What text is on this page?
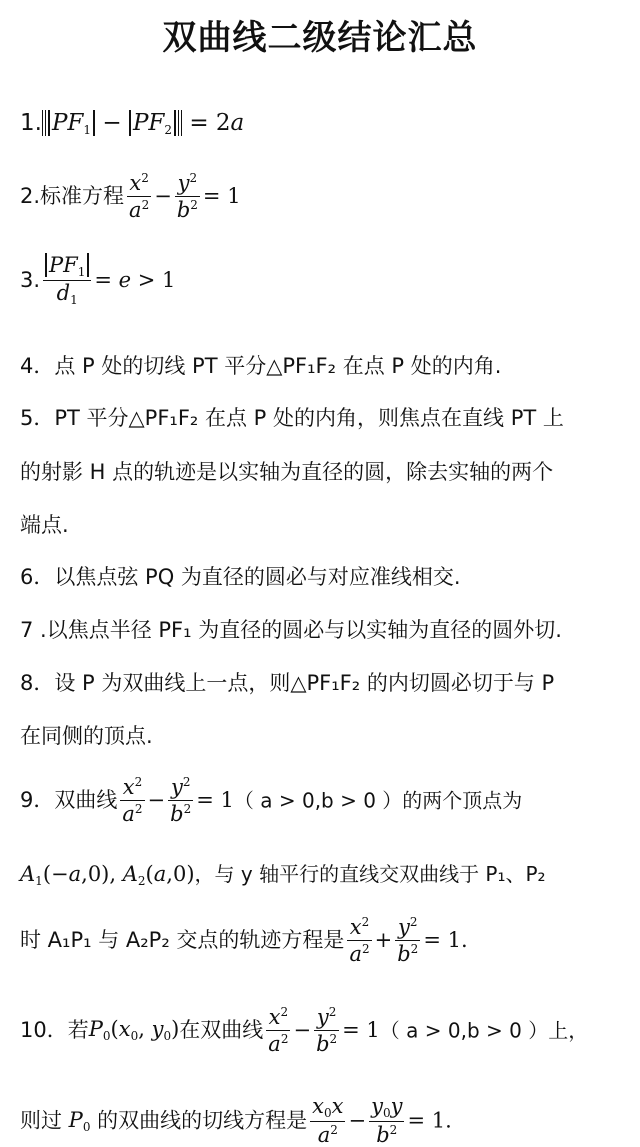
双曲线二级结论汇总
1. $PF_1 - PF_2 = 2a$
2.标准方程 $\frac{x^2}{a^2} - \frac{y^2}{b^2} = 1$
3. $\frac{PF_1}{d_1} = e > 1$
4．点 P 处的切线 PT 平分△PF₁F₂ 在点 P 处的内角.
5．PT 平分△PF₁F₂ 在点 P 处的内角，则焦点在直线 PT 上
的射影 H 点的轨迹是以实轴为直径的圆，除去实轴的两个
端点.
6．以焦点弦 PQ 为直径的圆必与对应准线相交.
7 .以焦点半径 PF₁ 为直径的圆必与以实轴为直径的圆外切.
8．设 P 为双曲线上一点，则△PF₁F₂ 的内切圆必切于与 P
在同侧的顶点.
9．双曲线 $\frac{x^2}{a^2} - \frac{y^2}{b^2} = 1$（ a > 0,b > 0 ）的两个顶点为
$A_1(-a,0)$, $A_2(a,0)$，与 y 轴平行的直线交双曲线于 P₁、P₂
时 A₁P₁ 与 A₂P₂ 交点的轨迹方程是 $\frac{x^2}{a^2} + \frac{y^2}{b^2} = 1$.
10．若$P_0(x_0$, $y_0$)在双曲线 $\frac{x^2}{a^2} - \frac{y^2}{b^2} = 1$（ a > 0,b > 0 ）上，
则过 $P_0$ 的双曲线的切线方程是 $\frac{x_0x}{a^2} - \frac{y_0y}{b^2} = 1$.
